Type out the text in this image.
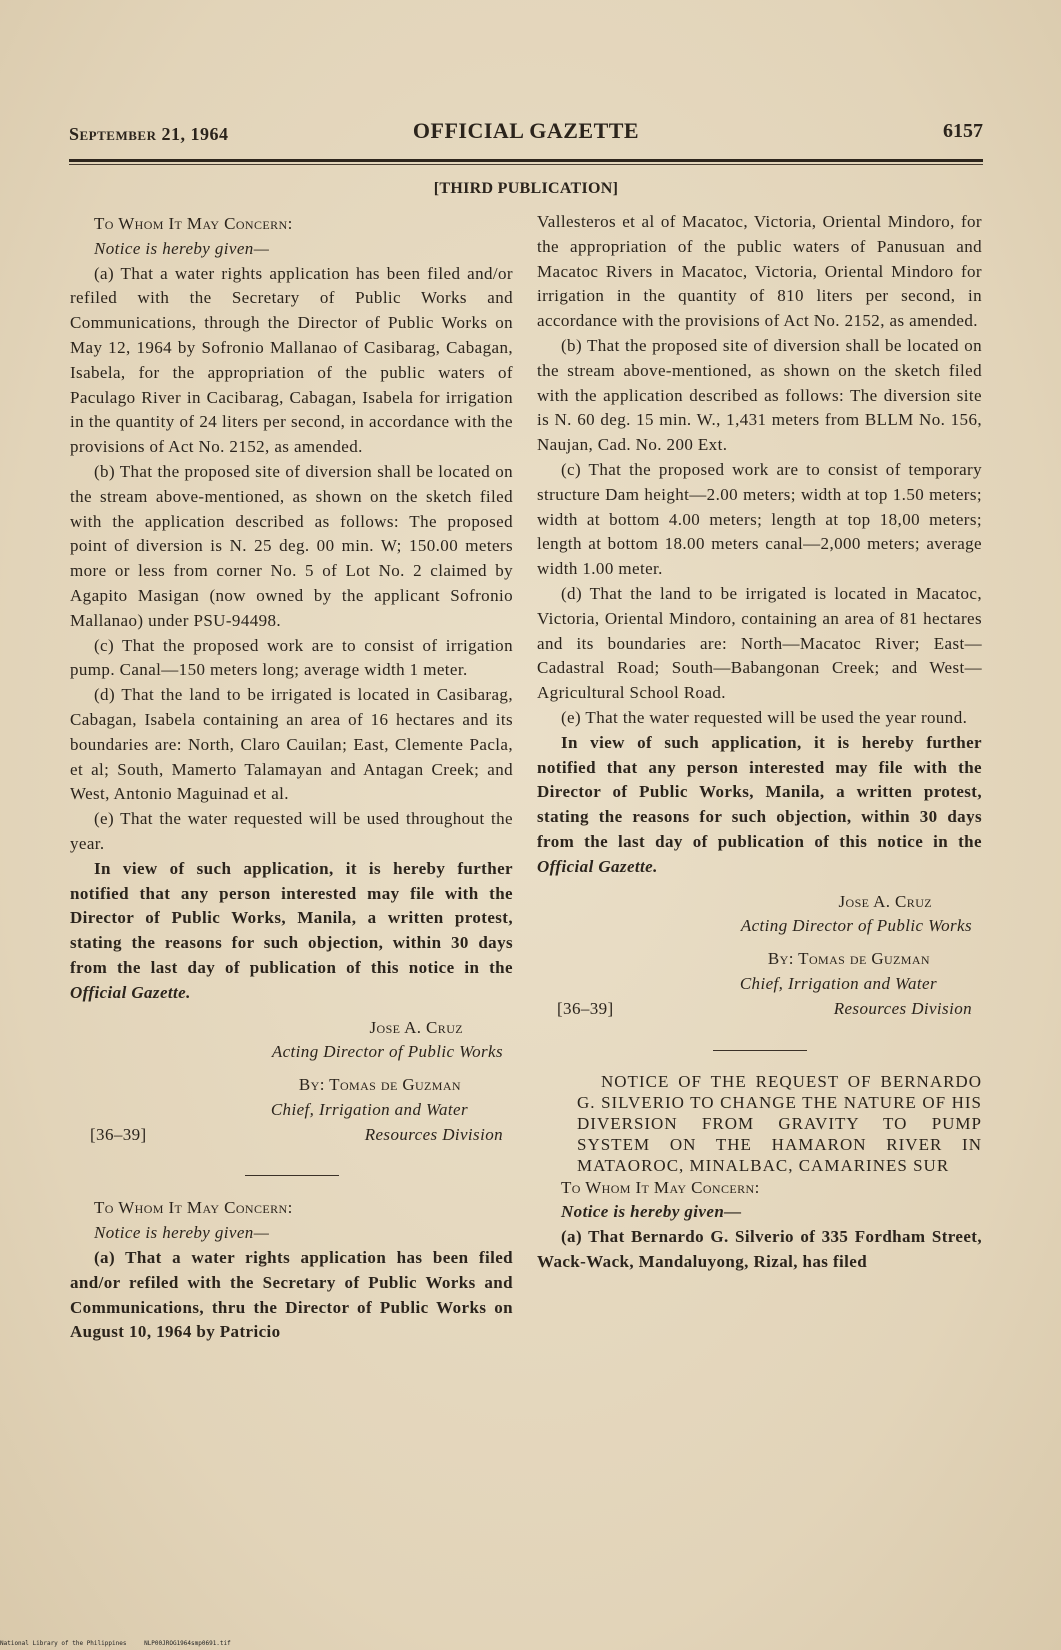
September 21, 1964	OFFICIAL GAZETTE	6157
[THIRD PUBLICATION]

To Whom It May Concern:

Notice is hereby given—

(a) That a water rights application has been filed and/or refiled with the Secretary of Public Works and Communications, through the Director of Public Works on May 12, 1964 by Sofronio Mallanao of Casibarag, Cabagan, Isabela, for the appropriation of the public waters of Paculago River in Cacibarag, Cabagan, Isabela for irrigation in the quantity of 24 liters per second, in accordance with the provisions of Act No. 2152, as amended.

(b) That the proposed site of diversion shall be located on the stream above-mentioned, as shown on the sketch filed with the application described as follows: The proposed point of diversion is N. 25 deg. 00 min. W; 150.00 meters more or less from corner No. 5 of Lot No. 2 claimed by Agapito Masigan (now owned by the applicant Sofronio Mallanao) under PSU-94498.

(c) That the proposed work are to consist of irrigation pump. Canal—150 meters long; average width 1 meter.

(d) That the land to be irrigated is located in Casibarag, Cabagan, Isabela containing an area of 16 hectares and its boundaries are: North, Claro Cauilan; East, Clemente Pacla, et al; South, Mamerto Talamayan and Antagan Creek; and West, Antonio Maguinad et al.

(e) That the water requested will be used throughout the year.

In view of such application, it is hereby further notified that any person interested may file with the Director of Public Works, Manila, a written protest, stating the reasons for such objection, within 30 days from the last day of publication of this notice in the Official Gazette.

Jose A. Cruz
Acting Director of Public Works
By: Tomas de Guzman
Chief, Irrigation and Water
Resources Division
[36–39]

To Whom It May Concern:

Notice is hereby given—

(a) That a water rights application has been filed and/or refiled with the Secretary of Public Works and Communications, thru the Director of Public Works on August 10, 1964 by Patricio

Vallesteros et al of Macatoc, Victoria, Oriental Mindoro, for the appropriation of the public waters of Panusuan and Macatoc Rivers in Macatoc, Victoria, Oriental Mindoro for irrigation in the quantity of 810 liters per second, in accordance with the provisions of Act No. 2152, as amended.

(b) That the proposed site of diversion shall be located on the stream above-mentioned, as shown on the sketch filed with the application described as follows: The diversion site is N. 60 deg. 15 min. W., 1,431 meters from BLLM No. 156, Naujan, Cad. No. 200 Ext.

(c) That the proposed work are to consist of temporary structure Dam height—2.00 meters; width at top 1.50 meters; width at bottom 4.00 meters; length at top 18,00 meters; length at bottom 18.00 meters canal—2,000 meters; average width 1.00 meter.

(d) That the land to be irrigated is located in Macatoc, Victoria, Oriental Mindoro, containing an area of 81 hectares and its boundaries are: North—Macatoc River; East—Cadastral Road; South—Babangonan Creek; and West—Agricultural School Road.

(e) That the water requested will be used the year round.

In view of such application, it is hereby further notified that any person interested may file with the Director of Public Works, Manila, a written protest, stating the reasons for such objection, within 30 days from the last day of publication of this notice in the Official Gazette.

Jose A. Cruz
Acting Director of Public Works
By: Tomas de Guzman
Chief, Irrigation and Water
Resources Division
[36–39]

NOTICE OF THE REQUEST OF BERNARDO G. SILVERIO TO CHANGE THE NATURE OF HIS DIVERSION FROM GRAVITY TO PUMP SYSTEM ON THE HAMARON RIVER IN MATAOROC, MINALBAC, CAMARINES SUR

To Whom It May Concern:

Notice is hereby given—

(a) That Bernardo G. Silverio of 335 Fordham Street, Wack-Wack, Mandaluyong, Rizal, has filed

National Library of the Philippines	NLP00JROG1964smp0691.tif
